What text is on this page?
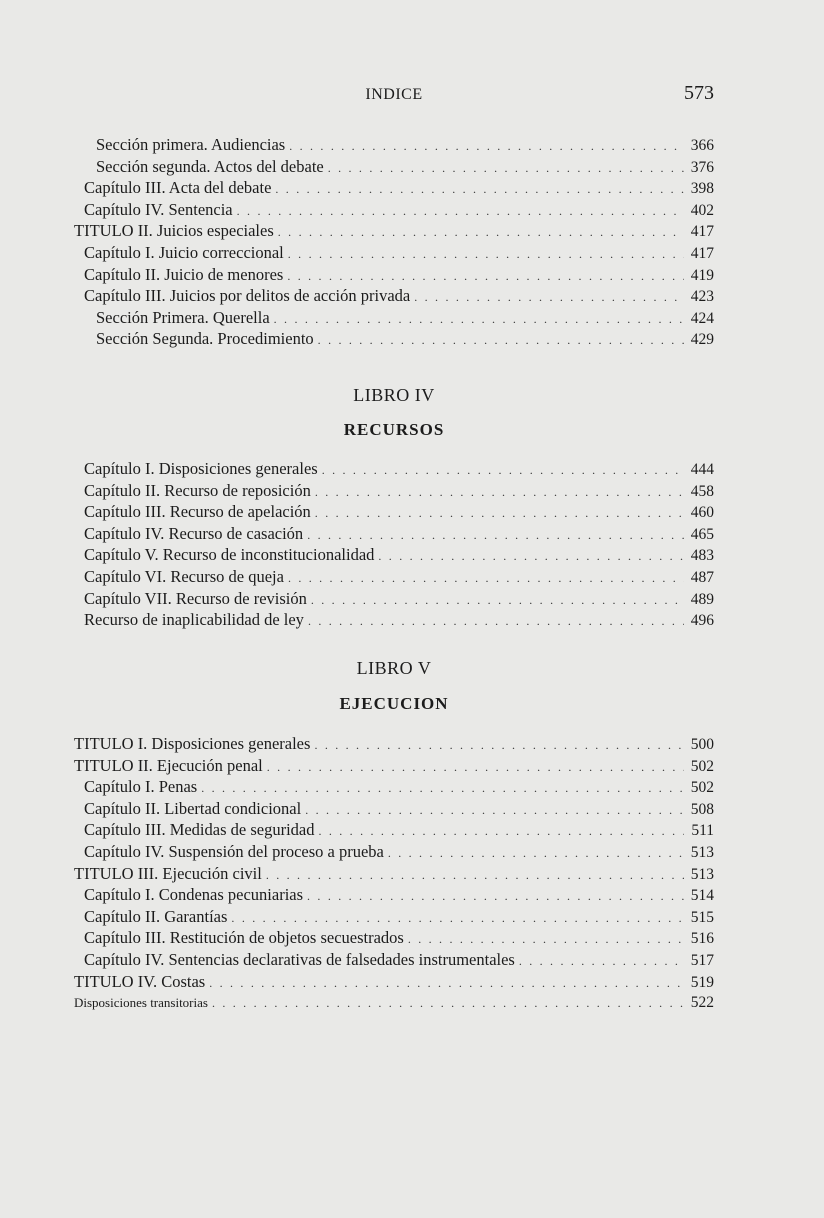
INDICE	573
Sección primera. Audiencias . . .	366
Sección segunda. Actos del debate . . .	376
Capítulo III. Acta del debate . . .	398
Capítulo IV. Sentencia . . .	402
TITULO II. Juicios especiales . . .	417
Capítulo I. Juicio correccional . . .	417
Capítulo II. Juicio de menores . . .	419
Capítulo III. Juicios por delitos de acción privada . . .	423
Sección Primera. Querella . . .	424
Sección Segunda. Procedimiento . . .	429
LIBRO IV
RECURSOS
Capítulo I. Disposiciones generales . . .	444
Capítulo II. Recurso de reposición . . .	458
Capítulo III. Recurso de apelación . . .	460
Capítulo IV. Recurso de casación . . .	465
Capítulo V. Recurso de inconstitucionalidad . . .	483
Capítulo VI. Recurso de queja . . .	487
Capítulo VII. Recurso de revisión . . .	489
Recurso de inaplicabilidad de ley . . .	496
LIBRO V
EJECUCION
TITULO I. Disposiciones generales . . .	500
TITULO II. Ejecución penal . . .	502
Capítulo I. Penas . . .	502
Capítulo II. Libertad condicional . . .	508
Capítulo III. Medidas de seguridad . . .	511
Capítulo IV. Suspensión del proceso a prueba . . .	513
TITULO III. Ejecución civil . . .	513
Capítulo I. Condenas pecuniarias . . .	514
Capítulo II. Garantías . . .	515
Capítulo III. Restitución de objetos secuestrados . . .	516
Capítulo IV. Sentencias declarativas de falsedades instrumentales . . .	517
TITULO IV. Costas . . .	519
Disposiciones transitorias . . .	522
